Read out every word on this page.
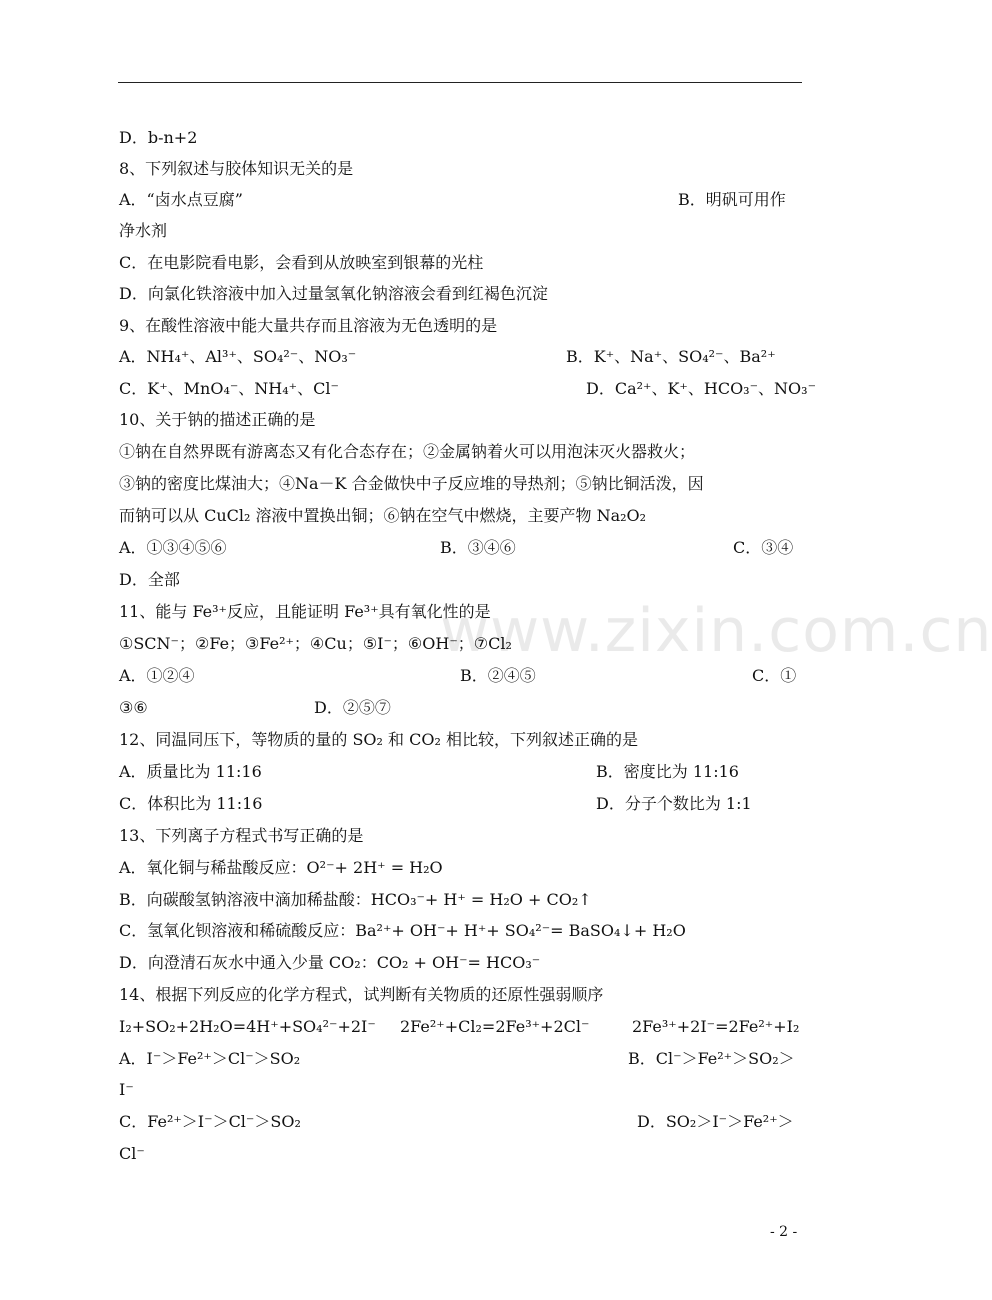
www.zixin.com.cn
D．b-n+2
8、下列叙述与胶体知识无关的是
A．“卤水点豆腐”	B．明矾可用作
净水剂
C．在电影院看电影，会看到从放映室到银幕的光柱
D．向氯化铁溶液中加入过量氢氧化钠溶液会看到红褐色沉淀
9、在酸性溶液中能大量共存而且溶液为无色透明的是
A．NH₄⁺、Al³⁺、SO₄²⁻、NO₃⁻	B．K⁺、Na⁺、SO₄²⁻、Ba²⁺
C．K⁺、MnO₄⁻、NH₄⁺、Cl⁻	D．Ca²⁺、K⁺、HCO₃⁻、NO₃⁻
10、关于钠的描述正确的是
①钠在自然界既有游离态又有化合态存在；②金属钠着火可以用泡沫灭火器救火；
③钠的密度比煤油大；④Na－K 合金做快中子反应堆的导热剂；⑤钠比铜活泼，因
而钠可以从 CuCl₂ 溶液中置换出铜；⑥钠在空气中燃烧，主要产物 Na₂O₂
A．①③④⑤⑥	B．③④⑥	C．③④
D．全部
11、能与 Fe³⁺反应，且能证明 Fe³⁺具有氧化性的是
①SCN⁻；②Fe；③Fe²⁺；④Cu；⑤I⁻；⑥OH⁻；⑦Cl₂
A．①②④	B．②④⑤	C．①
③⑥	D．②⑤⑦
12、同温同压下，等物质的量的 SO₂ 和 CO₂ 相比较，下列叙述正确的是
A．质量比为 11:16	B．密度比为 11:16
C．体积比为 11:16	D．分子个数比为 1:1
13、下列离子方程式书写正确的是
A．氧化铜与稀盐酸反应：O²⁻+ 2H⁺ = H₂O
B．向碳酸氢钠溶液中滴加稀盐酸：HCO₃⁻+ H⁺ = H₂O + CO₂↑
C．氢氧化钡溶液和稀硫酸反应：Ba²⁺+ OH⁻+ H⁺+ SO₄²⁻= BaSO₄↓+ H₂O
D．向澄清石灰水中通入少量 CO₂：CO₂ + OH⁻= HCO₃⁻
14、根据下列反应的化学方程式，试判断有关物质的还原性强弱顺序
I₂+SO₂+2H₂O=4H⁺+SO₄²⁻+2I⁻ 2Fe²⁺+Cl₂=2Fe³⁺+2Cl⁻	2Fe³⁺+2I⁻=2Fe²⁺+I₂
A．I⁻＞Fe²⁺＞Cl⁻＞SO₂	B．Cl⁻＞Fe²⁺＞SO₂＞
I⁻
C．Fe²⁺＞I⁻＞Cl⁻＞SO₂	D．SO₂＞I⁻＞Fe²⁺＞
Cl⁻
- 2 -
